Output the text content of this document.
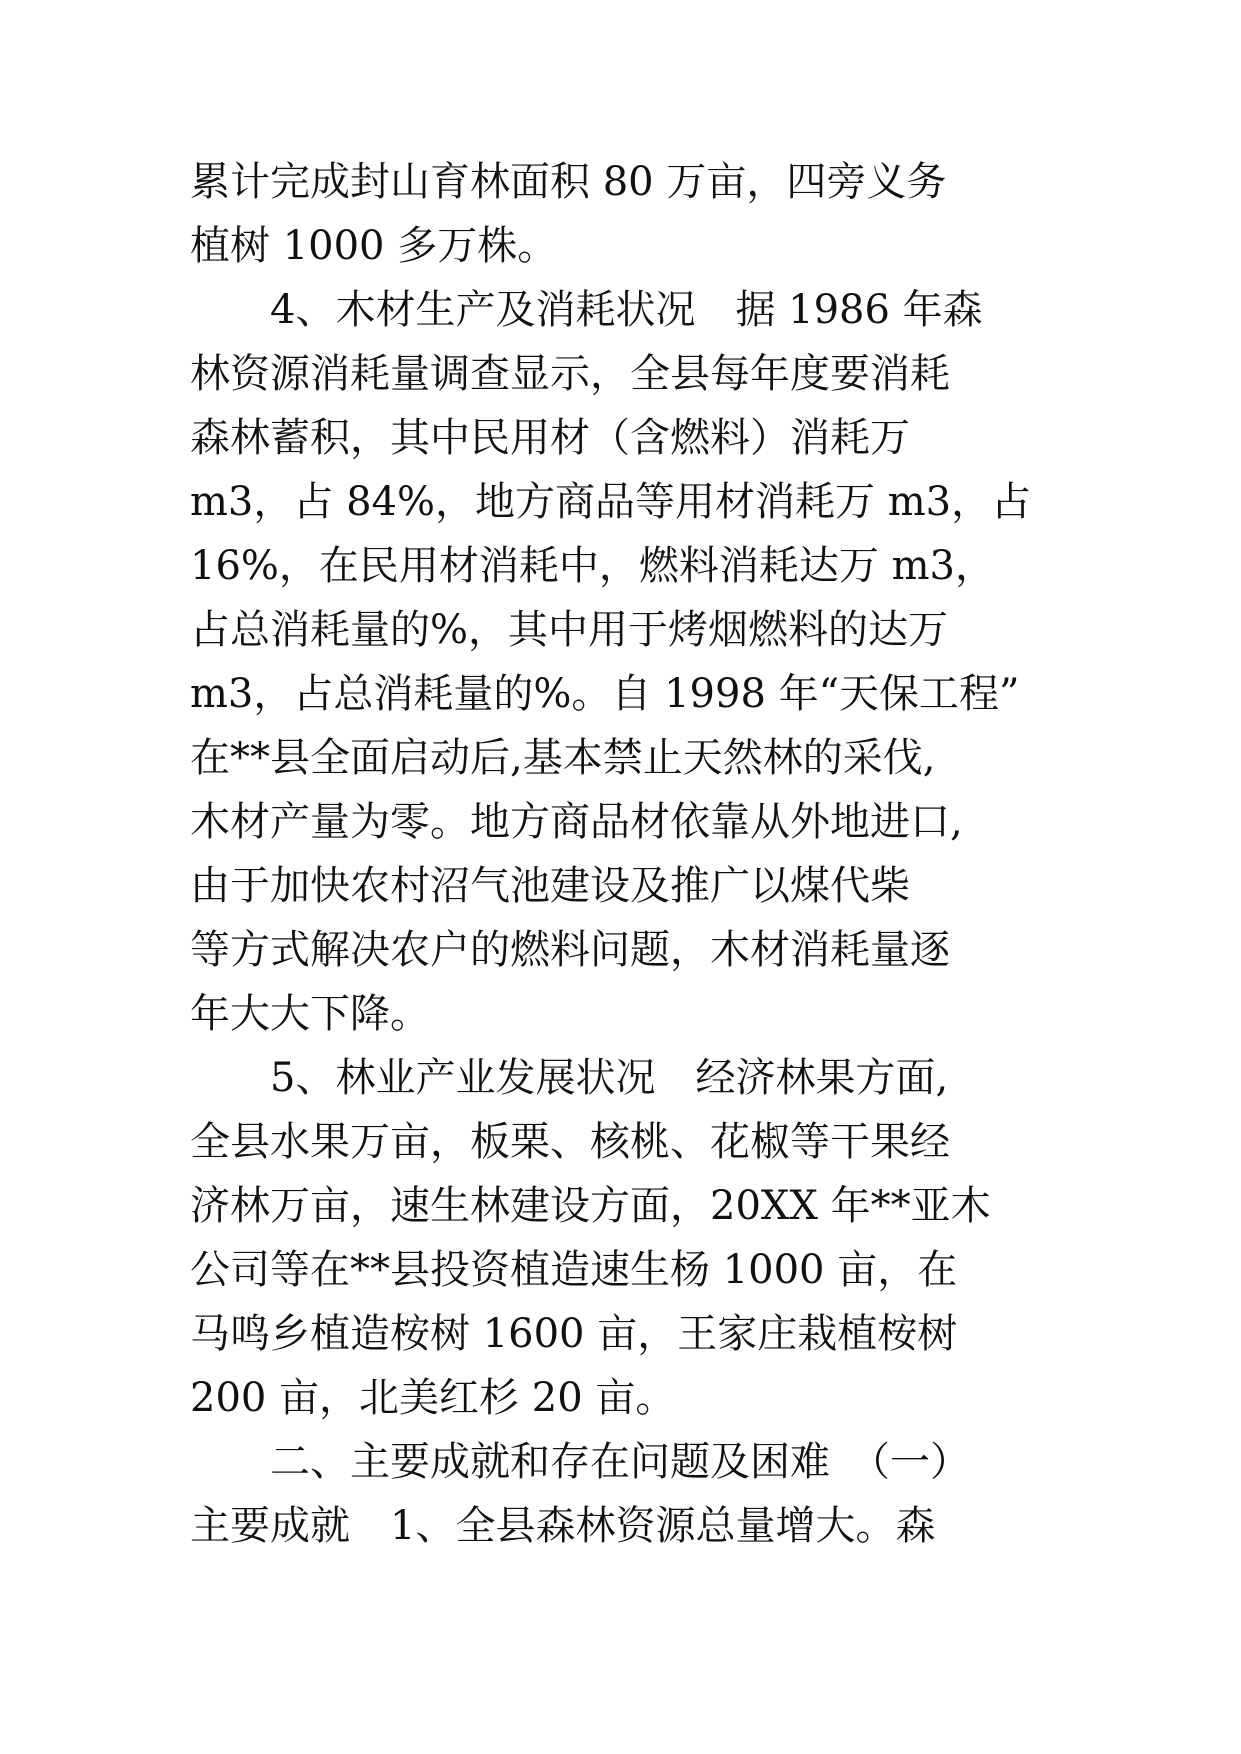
累计完成封山育林面积 80 万亩，四旁义务
植树 1000 多万株。
　　4、木材生产及消耗状况　据 1986 年森
林资源消耗量调查显示，全县每年度要消耗
森林蓄积，其中民用材（含燃料）消耗万
m3，占 84%，地方商品等用材消耗万 m3，占
16%，在民用材消耗中，燃料消耗达万 m3，
占总消耗量的%，其中用于烤烟燃料的达万
m3，占总消耗量的%。自 1998 年“天保工程”
在**县全面启动后,基本禁止天然林的采伐,
木材产量为零。地方商品材依靠从外地进口,
由于加快农村沼气池建设及推广以煤代柴
等方式解决农户的燃料问题，木材消耗量逐
年大大下降。
　　5、林业产业发展状况　经济林果方面,
全县水果万亩，板栗、核桃、花椒等干果经
济林万亩，速生林建设方面，20XX 年**亚木
公司等在**县投资植造速生杨 1000 亩，在
马鸣乡植造桉树 1600 亩，王家庄栽植桉树
200 亩，北美红杉 20 亩。
　　二、主要成就和存在问题及困难　（一）
主要成就　1、全县森林资源总量增大。森
